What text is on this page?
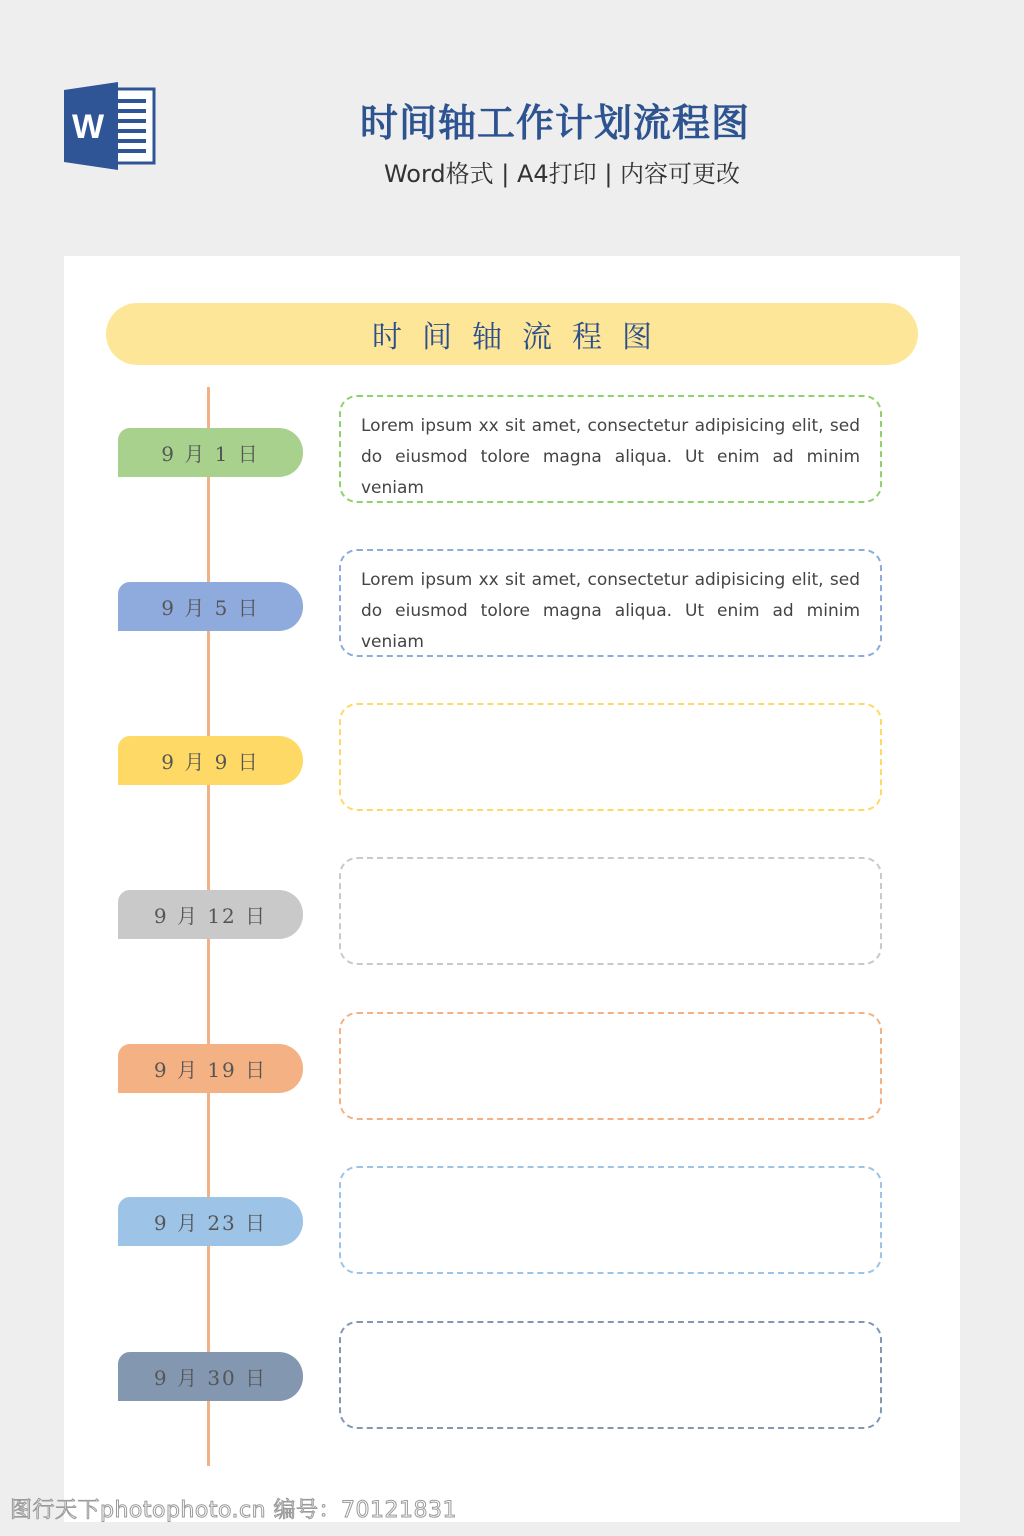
W	时间轴工作计划流程图
Word格式 | A4打印 | 内容可更改
时间轴流程图
9 月 1 日

Lorem ipsum xx sit amet, consectetur adipisicing elit, sed do eiusmod tolore magna aliqua. Ut enim ad minim veniam

9 月 5 日

Lorem ipsum xx sit amet, consectetur adipisicing elit, sed do eiusmod tolore magna aliqua. Ut enim ad minim veniam

9 月 9 日

9 月 12 日

9 月 19 日

9 月 23 日

9 月 30 日

图行天下photophoto.cn 编号：70121831
